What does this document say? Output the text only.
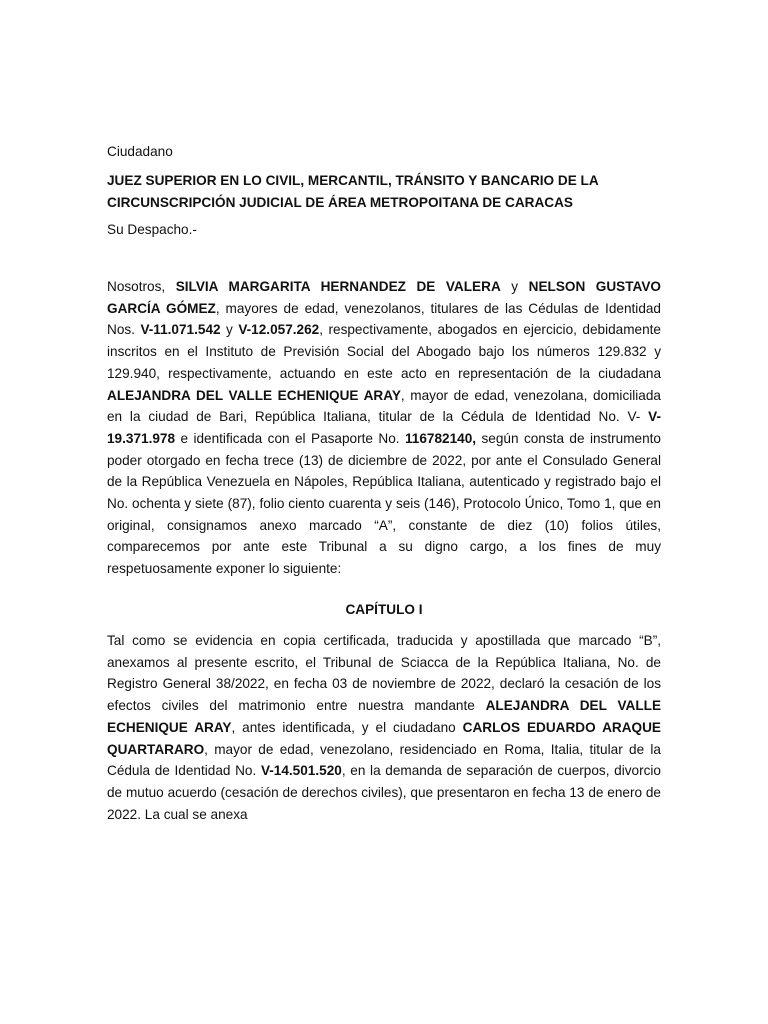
Ciudadano
JUEZ SUPERIOR EN LO CIVIL, MERCANTIL, TRÁNSITO Y BANCARIO DE LA
CIRCUNSCRIPCIÓN JUDICIAL DE ÁREA METROPOITANA DE CARACAS
Su Despacho.-

Nosotros, SILVIA MARGARITA HERNANDEZ DE VALERA y NELSON GUSTAVO GARCÍA GÓMEZ, mayores de edad, venezolanos, titulares de las Cédulas de Identidad Nos. V-11.071.542 y V-12.057.262, respectivamente, abogados en ejercicio, debidamente inscritos en el Instituto de Previsión Social del Abogado bajo los números 129.832 y 129.940, respectivamente, actuando en este acto en representación de la ciudadana ALEJANDRA DEL VALLE ECHENIQUE ARAY, mayor de edad, venezolana, domiciliada en la ciudad de Bari, República Italiana, titular de la Cédula de Identidad No. V- V-19.371.978 e identificada con el Pasaporte No. 116782140, según consta de instrumento poder otorgado en fecha trece (13) de diciembre de 2022, por ante el Consulado General de la República Venezuela en Nápoles, República Italiana, autenticado y registrado bajo el No. ochenta y siete (87), folio ciento cuarenta y seis (146), Protocolo Único, Tomo 1, que en original, consignamos anexo marcado “A”, constante de diez (10) folios útiles, comparecemos por ante este Tribunal a su digno cargo, a los fines de muy respetuosamente exponer lo siguiente:

CAPÍTULO I

Tal como se evidencia en copia certificada, traducida y apostillada que marcado “B”, anexamos al presente escrito, el Tribunal de Sciacca de la República Italiana, No. de Registro General 38/2022, en fecha 03 de noviembre de 2022, declaró la cesación de los efectos civiles del matrimonio entre nuestra mandante ALEJANDRA DEL VALLE ECHENIQUE ARAY, antes identificada, y el ciudadano CARLOS EDUARDO ARAQUE QUARTARARO, mayor de edad, venezolano, residenciado en Roma, Italia, titular de la Cédula de Identidad No. V-14.501.520, en la demanda de separación de cuerpos, divorcio de mutuo acuerdo (cesación de derechos civiles), que presentaron en fecha 13 de enero de 2022. La cual se anexa
